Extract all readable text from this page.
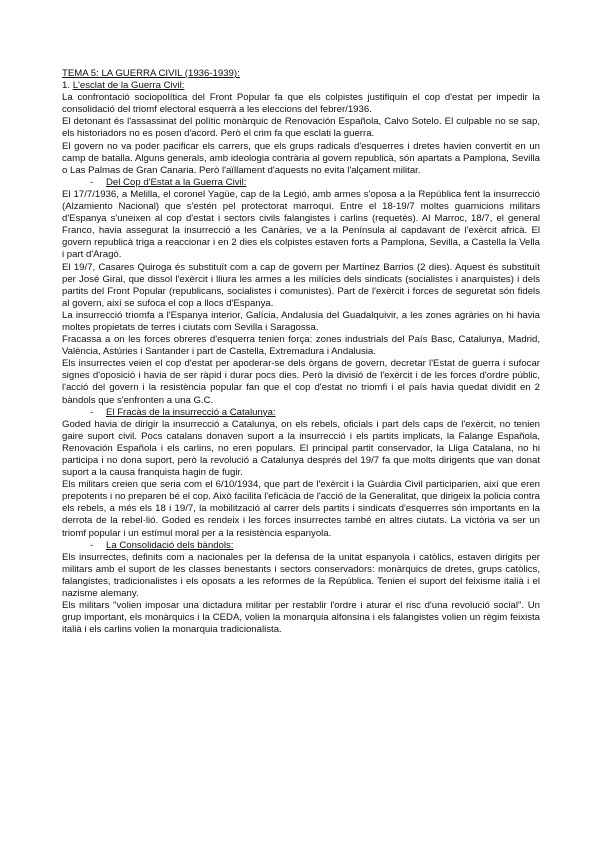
TEMA 5: LA GUERRA CIVIL (1936-1939):

1. L'esclat de la Guerra Civil:

La confrontació sociopolítica del Front Popular fa que els colpistes justifiquin el cop d'estat per impedir la consolidació del triomf electoral esquerrà a les eleccions del febrer/1936.

El detonant és l'assassinat del polític monàrquic de Renovación Española, Calvo Sotelo. El culpable no se sap, els historiadors no es posen d'acord. Però el crim fa que esclati la guerra.

El govern no va poder pacificar els carrers, que els grups radicals d'esquerres i dretes havien convertit en un camp de batalla. Alguns generals, amb ideologia contrària al govern republicà, són apartats a Pamplona, Sevilla o Las Palmas de Gran Canaria. Però l'aïllament d'aquests no evita l'alçament militar.

- Del Cop d'Estat a la Guerra Civil:

El 17/7/1936, a Melilla, el coronel Yagüe, cap de la Legió, amb armes s'oposa a la República fent la insurrecció (Alzamiento Nacional) que s'estén pel protectorat marroquí. Entre el 18-19/7 moltes guarnicions militars d'Espanya s'uneixen al cop d'estat i sectors civils falangistes i carlins (requetès). Al Marroc, 18/7, el general Franco, havia assegurat la insurrecció a les Canàries, ve a la Península al capdavant de l'exèrcit africà. El govern republicà triga a reaccionar i en 2 dies els colpistes estaven forts a Pamplona, Sevilla, a Castella la Vella i part d'Aragó.

El 19/7, Casares Quiroga és substituït com a cap de govern per Martínez Barrios (2 dies). Aquest és substituït per José Giral, que dissol l'exèrcit i lliura les armes a les milícies dels sindicats (socialistes i anarquistes) i dels partits del Front Popular (republicans, socialistes i comunistes). Part de l'exèrcit i forces de seguretat són fidels al govern, així se sufoca el cop a llocs d'Espanya.

La insurrecció triomfa a l'Espanya interior, Galícia, Andalusia del Guadalquivir, a les zones agràries on hi havia moltes propietats de terres i ciutats com Sevilla i Saragossa.

Fracassa a on les forces obreres d'esquerra tenien força: zones industrials del País Basc, Catalunya, Madrid, València, Astúries i Santander i part de Castella, Extremadura i Andalusia.

Els insurrectes veien el cop d'estat per apoderar-se dels òrgans de govern, decretar l'Estat de guerra i sufocar signes d'oposició i havia de ser ràpid i durar pocs dies. Però la divisió de l'exèrcit i de les forces d'ordre públic, l'acció del govern i la resistència popular fan que el cop d'estat no triomfi i el país havia quedat dividit en 2 bàndols que s'enfronten a una G.C.

- El Fracàs de la insurrecció a Catalunya:

Goded havia de dirigir la insurrecció a Catalunya, on els rebels, oficials i part dels caps de l'exèrcit, no tenien gaire suport civil. Pocs catalans donaven suport a la insurrecció i els partits implicats, la Falange Española, Renovación Española i els carlins, no eren populars. El principal partit conservador, la Lliga Catalana, no hi participa i no dona suport, però la revolució a Catalunya després del 19/7 fa que molts dirigents que van donat suport a la causa franquista hagin de fugir.

Els militars creien que seria com el 6/10/1934, que part de l'exèrcit i la Guàrdia Civil participarien, així que eren prepotents i no preparen bé el cop. Això facilita l'eficàcia de l'acció de la Generalitat, que dirigeix la policia contra els rebels, a més els 18 i 19/7, la mobilització al carrer dels partits i sindicats d'esquerres són importants en la derrota de la rebel·lió. Goded es rendeix i les forces insurrectes també en altres ciutats. La victòria va ser un triomf popular i un estímul moral per a la resistència espanyola.

- La Consolidació dels bàndols:

Els insurrectes, definits com a nacionales per la defensa de la unitat espanyola i catòlics, estaven dirigits per militars amb el suport de les classes benestants i sectors conservadors: monàrquics de dretes, grups catòlics, falangistes, tradicionalistes i els oposats a les reformes de la República. Tenien el suport del feixisme italià i el nazisme alemany.

Els militars "volien imposar una dictadura militar per restablir l'ordre i aturar el risc d'una revolució social". Un grup important, els monàrquics i la CEDA, volien la monarquia alfonsina i els falangistes volien un règim feixista italià i els carlins volien la monarquia tradicionalista.
